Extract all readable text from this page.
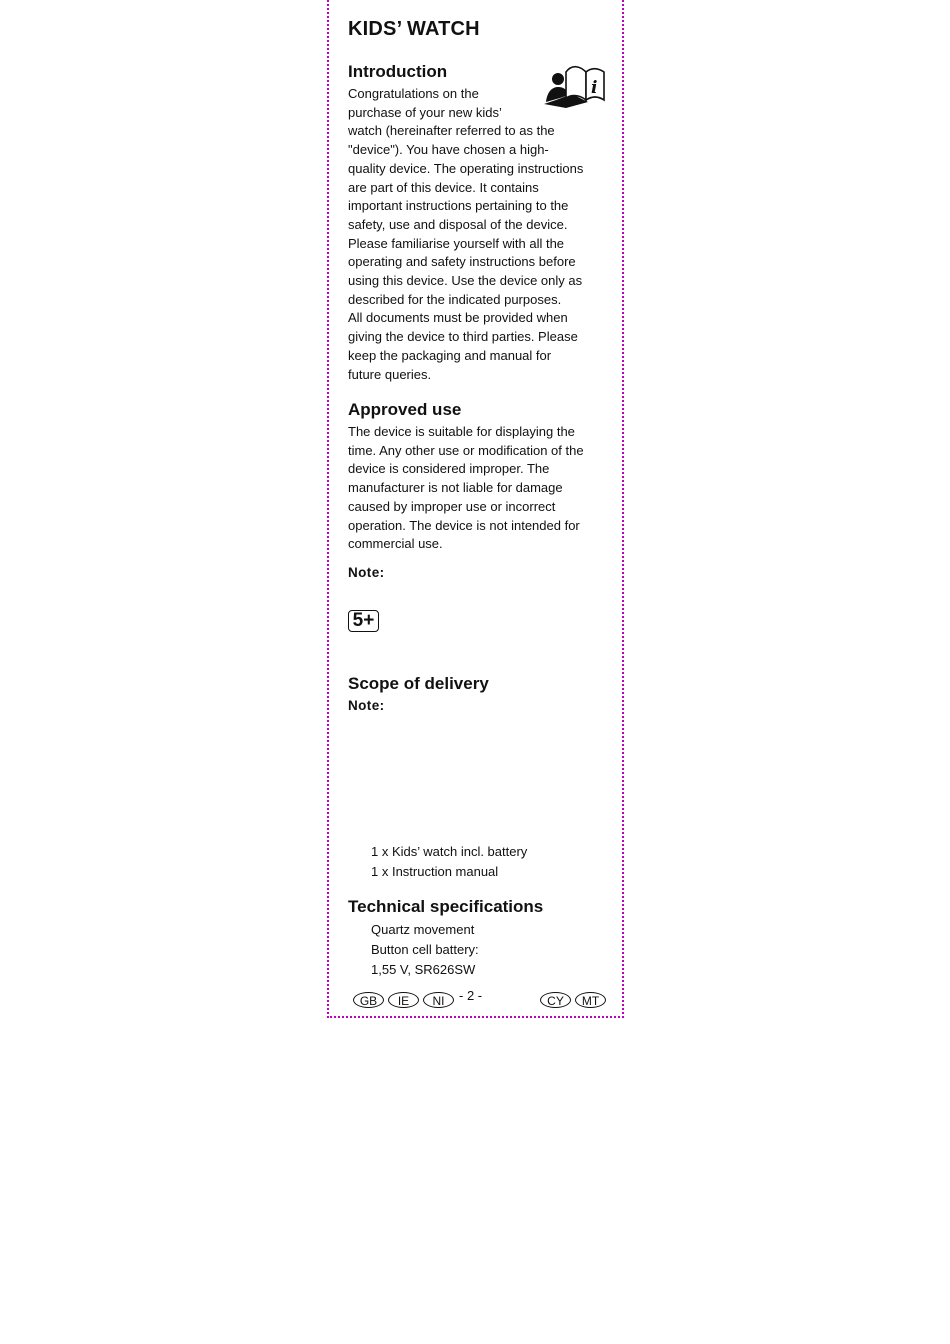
KIDS’ WATCH
Introduction
i

Congratulations on the

purchase of your new kids’

watch (hereinafter referred to as the

"device"). You have chosen a high-

quality device. The operating instructions

are part of this device. It contains

important instructions pertaining to the

safety, use and disposal of the device.

Please familiarise yourself with all the

operating and safety instructions before

using this device. Use the device only as

described for the indicated purposes.

All documents must be provided when

giving the device to third parties. Please

keep the packaging and manual for

future queries.

Approved use

The device is suitable for displaying the

time. Any other use or modification of the

device is considered improper. The

manufacturer is not liable for damage

caused by improper use or incorrect

operation. The device is not intended for

commercial use.

Note:
5+
Scope of delivery
Note:
1 x Kids’ watch incl. battery
1 x Instruction manual
Technical specifications
Quartz movement
Button cell battery:
1,55 V, SR626SW
GB	IE	NI	- 2 -	CY	MT
